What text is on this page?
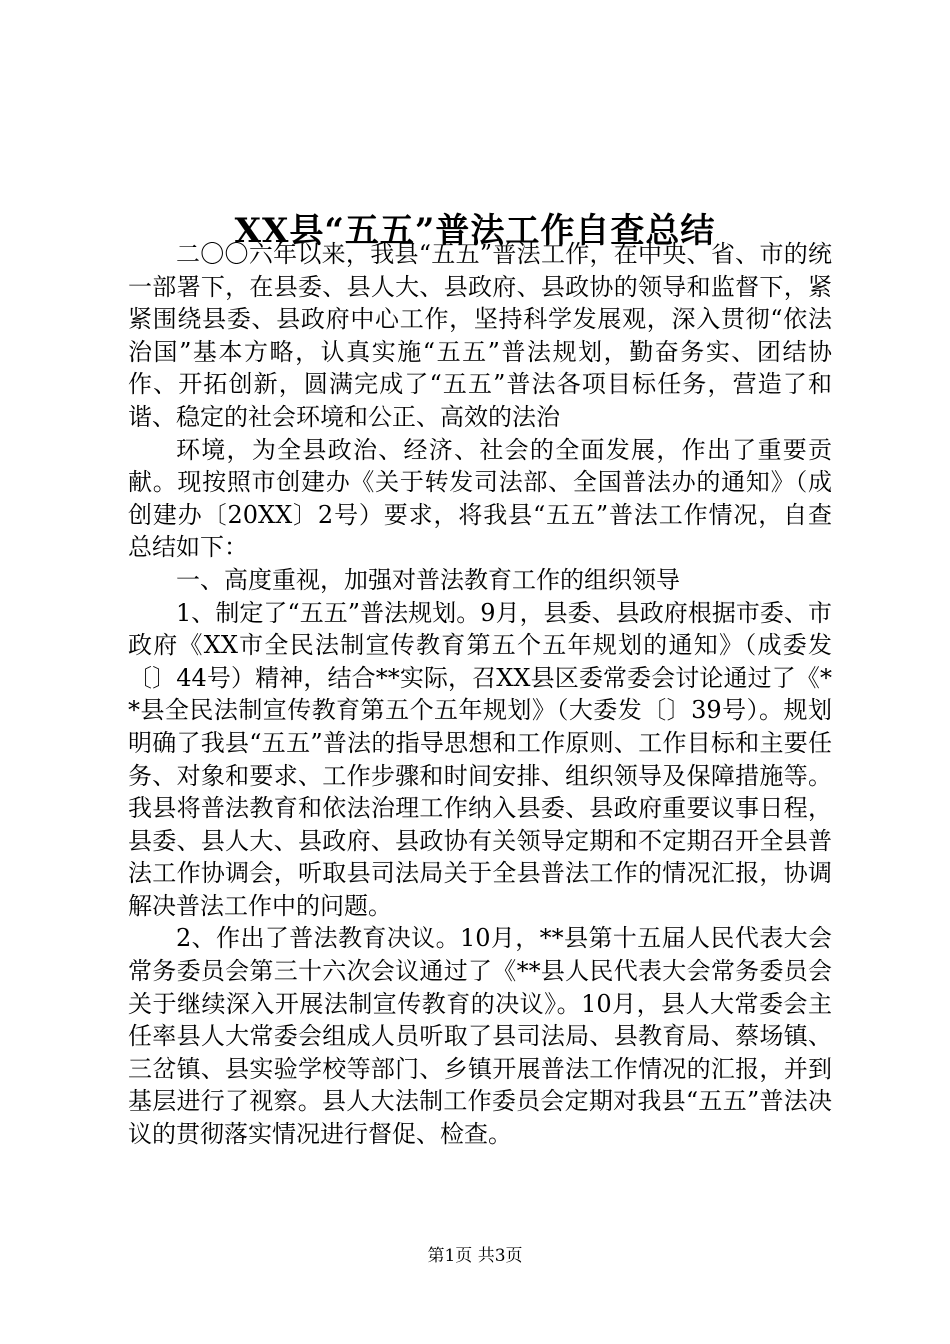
XX县“五五”普法工作自查总结

二〇〇六年以来，我县“五五”普法工作，在中央、省、市的统一部署下，在县委、县人大、县政府、县政协的领导和监督下，紧紧围绕县委、县政府中心工作，坚持科学发展观，深入贯彻“依法治国”基本方略，认真实施“五五”普法规划，勤奋务实、团结协作、开拓创新，圆满完成了“五五”普法各项目标任务，营造了和谐、稳定的社会环境和公正、高效的法治

环境，为全县政治、经济、社会的全面发展，作出了重要贡献。现按照市创建办《关于转发司法部、全国普法办的通知》（成创建办〔20XX〕2号）要求，将我县“五五”普法工作情况，自查总结如下：

一、高度重视，加强对普法教育工作的组织领导

1、制定了“五五”普法规划。9月，县委、县政府根据市委、市政府《XX市全民法制宣传教育第五个五年规划的通知》（成委发〔〕44号）精神，结合**实际，召XX县区委常委会讨论通过了《**县全民法制宣传教育第五个五年规划》（大委发〔〕39号）。规划明确了我县“五五”普法的指导思想和工作原则、工作目标和主要任务、对象和要求、工作步骤和时间安排、组织领导及保障措施等。我县将普法教育和依法治理工作纳入县委、县政府重要议事日程，县委、县人大、县政府、县政协有关领导定期和不定期召开全县普法工作协调会，听取县司法局关于全县普法工作的情况汇报，协调解决普法工作中的问题。

2、作出了普法教育决议。10月，**县第十五届人民代表大会常务委员会第三十六次会议通过了《**县人民代表大会常务委员会关于继续深入开展法制宣传教育的决议》。10月，县人大常委会主任率县人大常委会组成人员听取了县司法局、县教育局、蔡场镇、三岔镇、县实验学校等部门、乡镇开展普法工作情况的汇报，并到基层进行了视察。县人大法制工作委员会定期对我县“五五”普法决议的贯彻落实情况进行督促、检查。

第1页 共3页
